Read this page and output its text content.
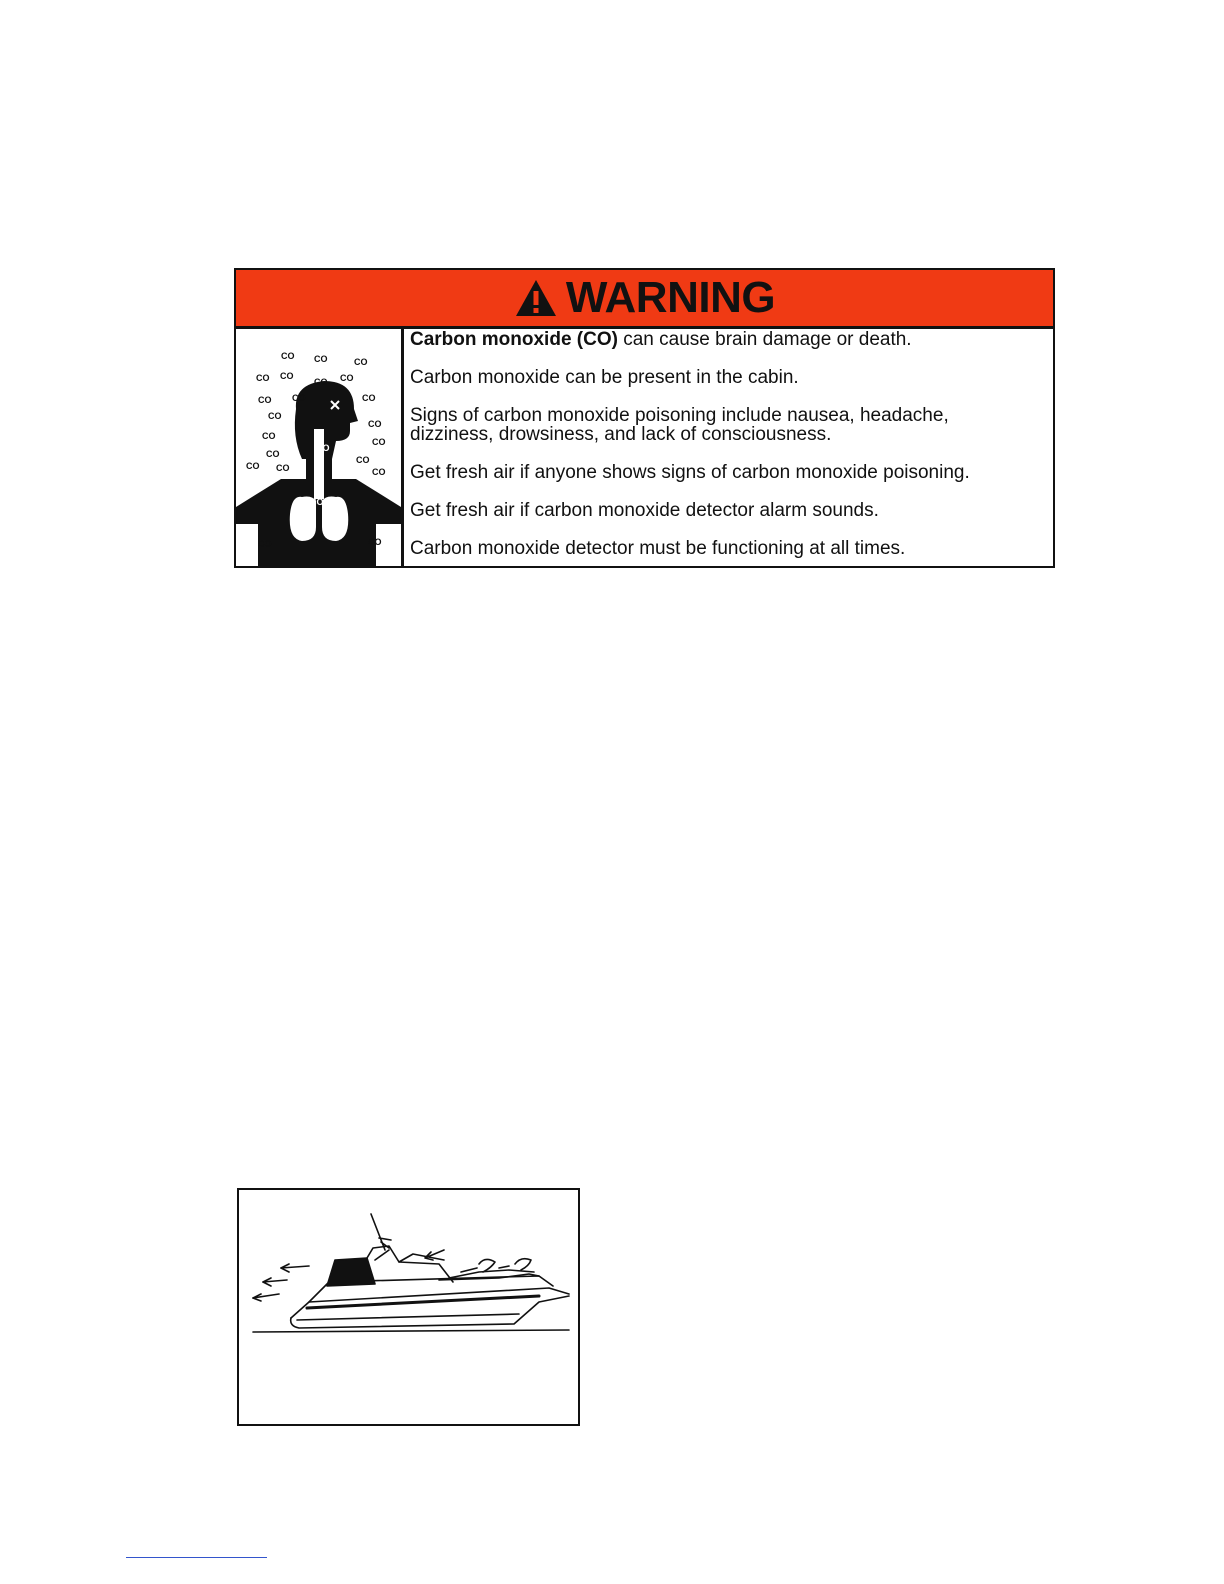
WARNING
CO CO	CO
CO CO
CO CO
CO CO	CO
CO
CO
CO
CO
CO
CO CO
CO
CO
CO	CO
CO
CO CO
CO CO
Carbon monoxide (CO) can cause brain damage or death.
Carbon monoxide can be present in the cabin.
Signs of carbon monoxide poisoning include nausea, headache,
dizziness, drowsiness, and lack of consciousness.
Get fresh air if anyone shows signs of carbon monoxide poisoning.
Get fresh air if carbon monoxide detector alarm sounds.
Carbon monoxide detector must be functioning at all times.
